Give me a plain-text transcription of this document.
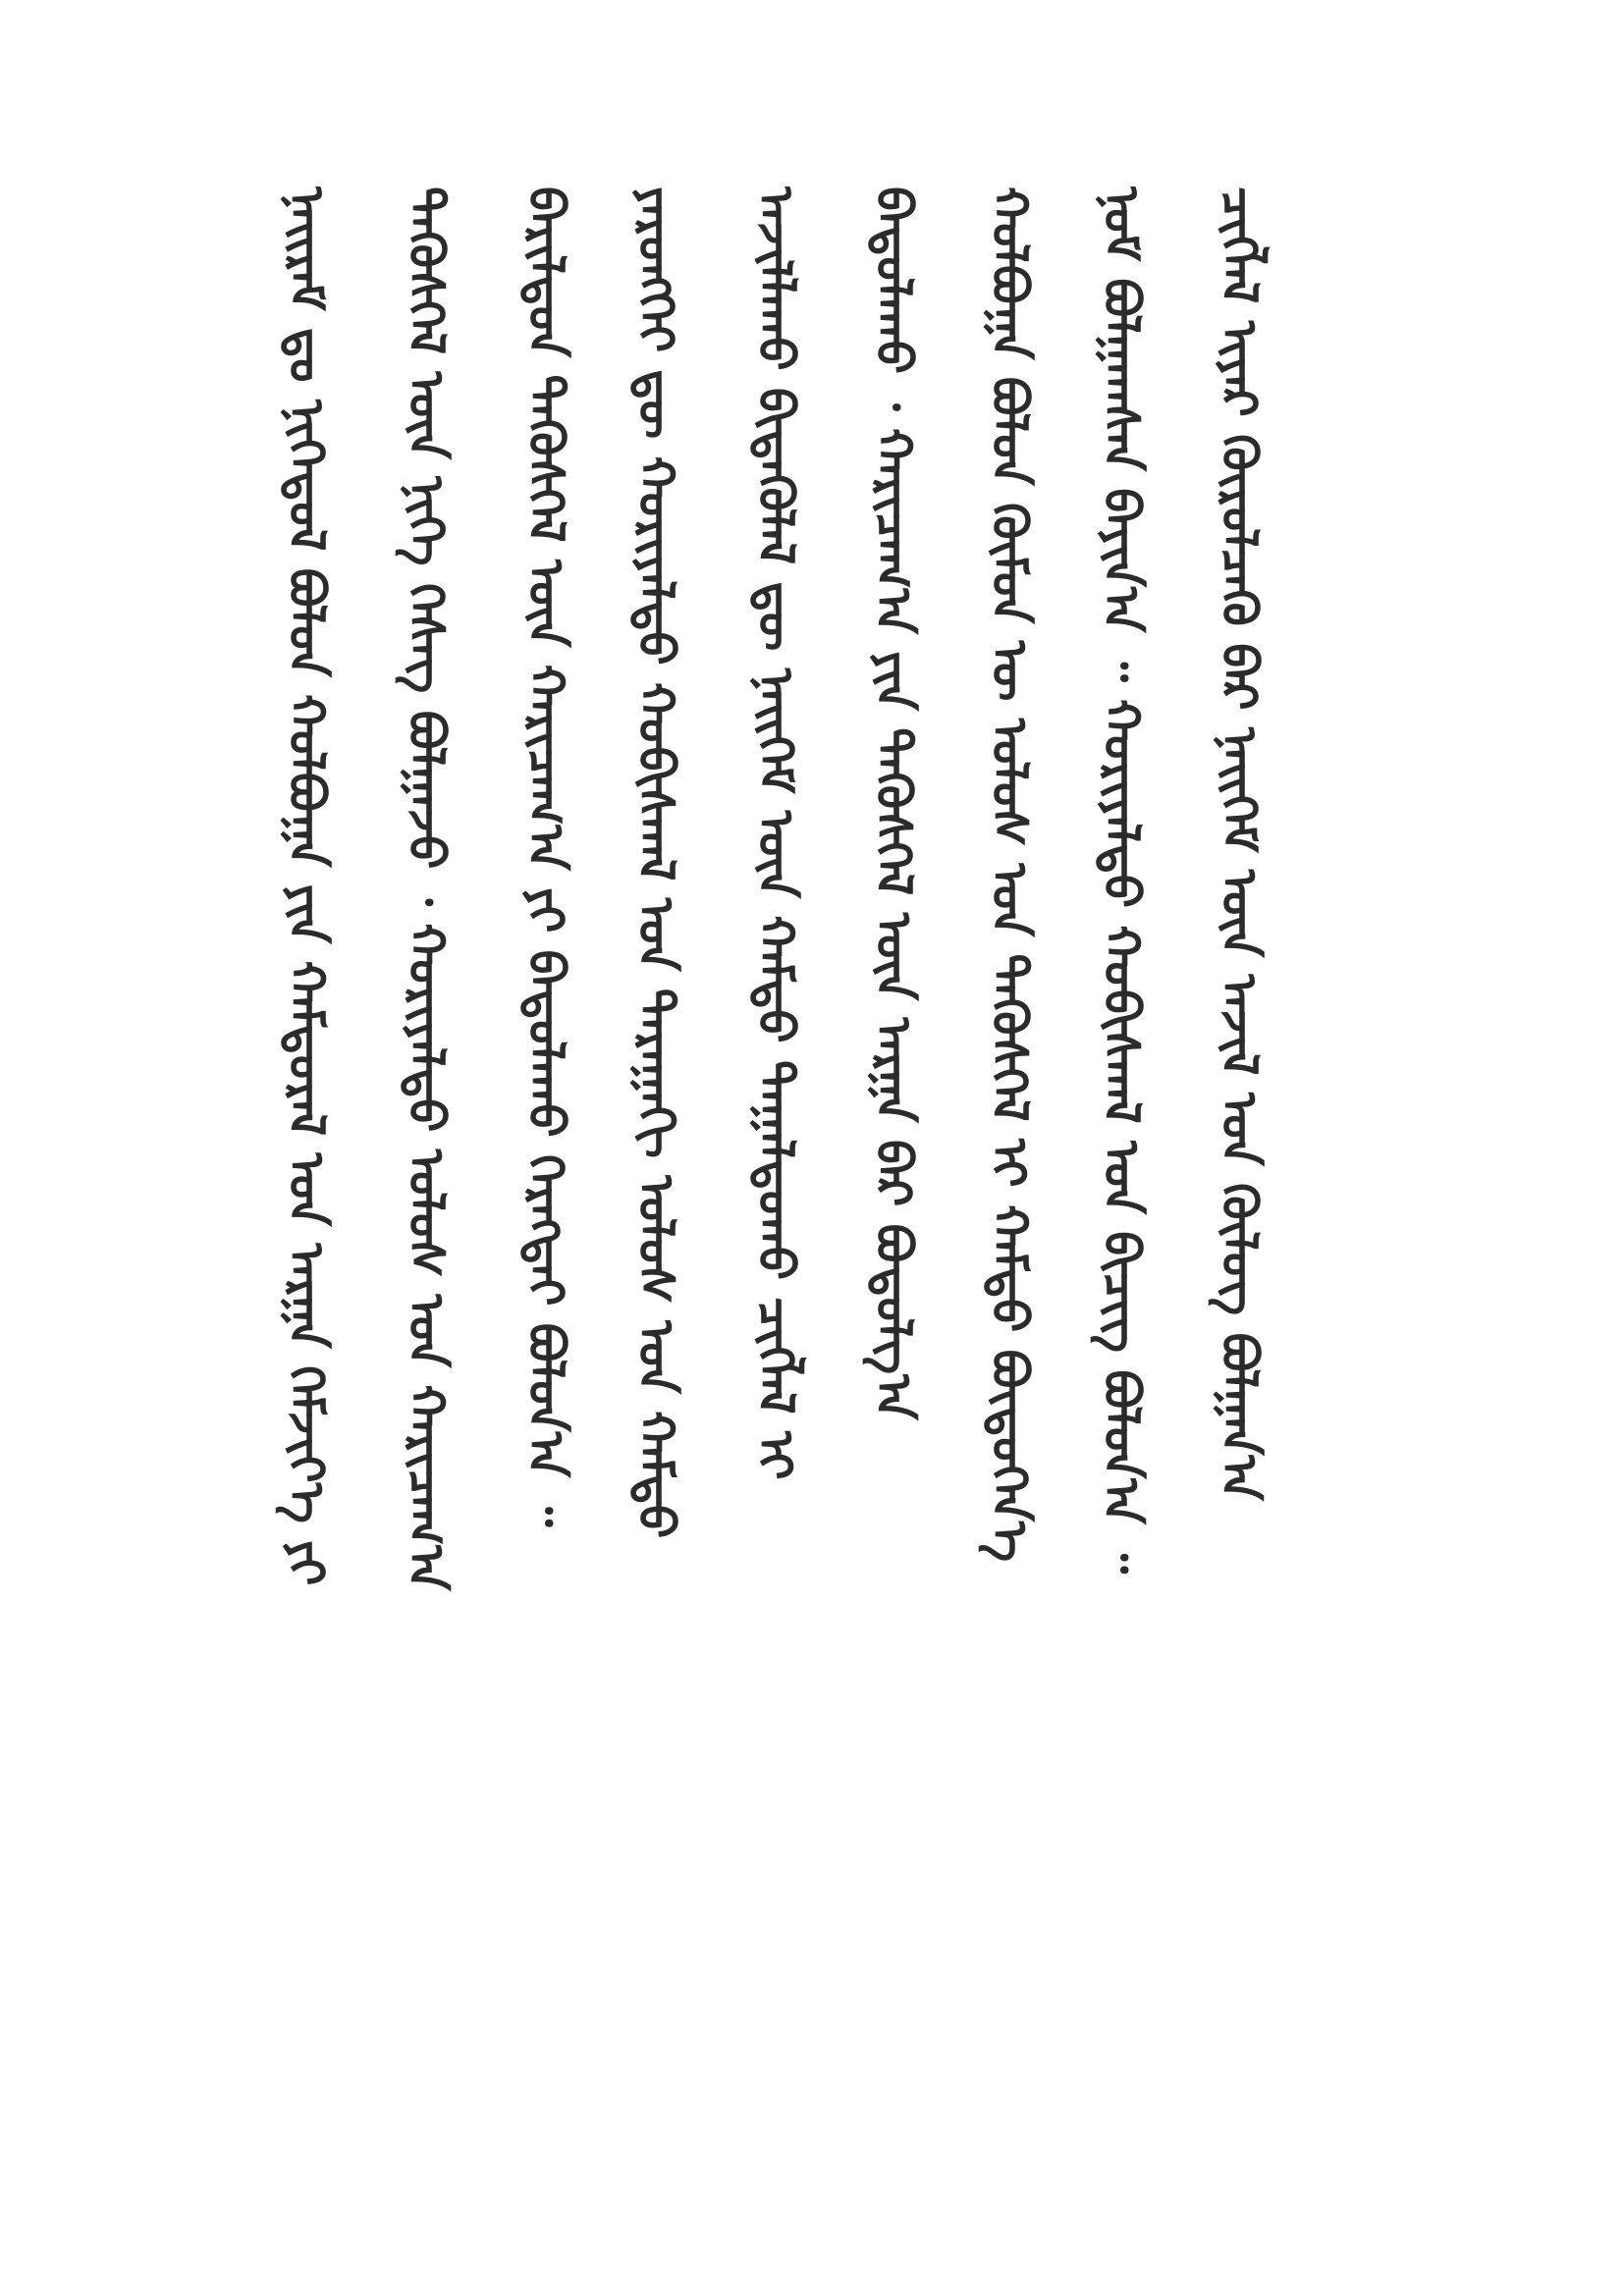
ᠨᠠᠢ᠌ᠷᠠᠮ ᠳᠤ ᠨᠢᠭᠡᠳᠦᠯ ᠪᠣᠯᠤᠨ ᠬᠣᠯᠪᠣᠭᠠ ᠶᠢᠨ ᠬᠠᠮᠲᠤᠷᠠᠯ ᠤᠨ ᠠᠷᠭᠠ ᠬᠡᠮᠵᠢᠶ᠎ᠡ ᠶᠢ ᠲᠡᠭᠦᠰᠬᠡᠯ ᠦᠨ ᠨᠢᠭᠡ ᠬᠡᠰᠡᠭ ᠪᠣᠯᠭᠠᠵᠤ ᠂ ᠬᠣᠷᠢᠶᠠᠯᠳᠤ ᠤᠯᠤᠰ ᠤᠨ ᠬᠠᠷᠢᠴᠠᠭ᠎ᠠ ᠪᠠᠷᠢᠯᠳᠤᠨ ᠲᠡᠭᠦᠰᠬᠡᠯ ᠦᠨ ᠬᠠᠷᠢᠴᠠᠭ᠎ᠠ ᠶᠢ ᠪᠠᠲᠤᠯᠠᠬᠤ ᠬᠡᠷᠡᠭᠲᠡᠢ ᠪᠣᠯᠤᠨ᠎ᠠ ᠃ ᠶᠡᠷᠦᠩᠬᠡᠢ ᠳᠦ ᠬᠣᠷᠢᠶᠠᠯᠳᠤ ᠬᠤᠪᠢᠰᠬᠠᠯ ᠤᠨ ᠳᠠᠷᠠᠭᠠᠬᠢ ᠤᠯᠤᠰ ᠤᠨ ᠬᠠᠮᠲᠤ ᠠᠵᠢᠯᠯᠠᠬᠤ ᠪᠢᠳᠡᠭᠦᠯᠡᠯ ᠳᠦ ᠨᠡᠢ᠌ᠭᠡᠮ ᠦᠨ ᠬᠠᠮᠲᠤ ᠳᠠᠭᠠᠯᠳᠤᠬᠤ ᠴᠢᠭᠯᠡᠯ ᠢ ᠪᠠᠲᠤᠯᠠᠬᠤ ᠂ ᠬᠠᠷᠢᠴᠠᠭ᠎ᠠ ᠶᠢᠨ ᠲᠡᠭᠦᠰᠬᠡᠯ ᠦᠨ ᠠᠷᠭᠠ ᠪᠠᠷ ᠪᠣᠳᠣᠯᠭ᠎ᠠ ᠬᠣᠯᠪᠣᠭᠠ ᠪᠣᠯᠤᠨ ᠬᠦᠮᠦᠨ ᠦ ᠤᠯᠤᠰ ᠤᠨ ᠲᠡᠭᠦᠰᠬᠡᠯ ᠢ ᠬᠠᠮᠲᠤ ᠪᠦᠲᠦᠭᠡᠨ᠎ᠡ ᠨᠣᠮ ᠪᠣᠯᠭᠠᠭᠰᠠᠨ ᠪᠠᠶᠢᠨ᠎ᠠ ᠃ ᠬᠣᠷᠢᠶᠠᠯᠳᠤ ᠬᠤᠪᠢᠰᠬᠠᠯ ᠤᠨ ᠪᠢᠴᠢᠭ ᠪᠣᠯᠤᠨ᠎ᠠ ᠃ ᠴᠢᠭᠯᠡᠯ ᠢᠶᠡᠷ ᠬᠦᠷᠦᠯᠴᠡᠬᠦ ᠪᠠᠷ ᠨᠡᠢ᠌ᠭᠡᠮ ᠦᠨ ᠠᠵᠢᠯ ᠤᠨ ᠬᠦᠯᠦᠭ ᠪᠣᠯᠭᠠᠨ᠎ᠠ
